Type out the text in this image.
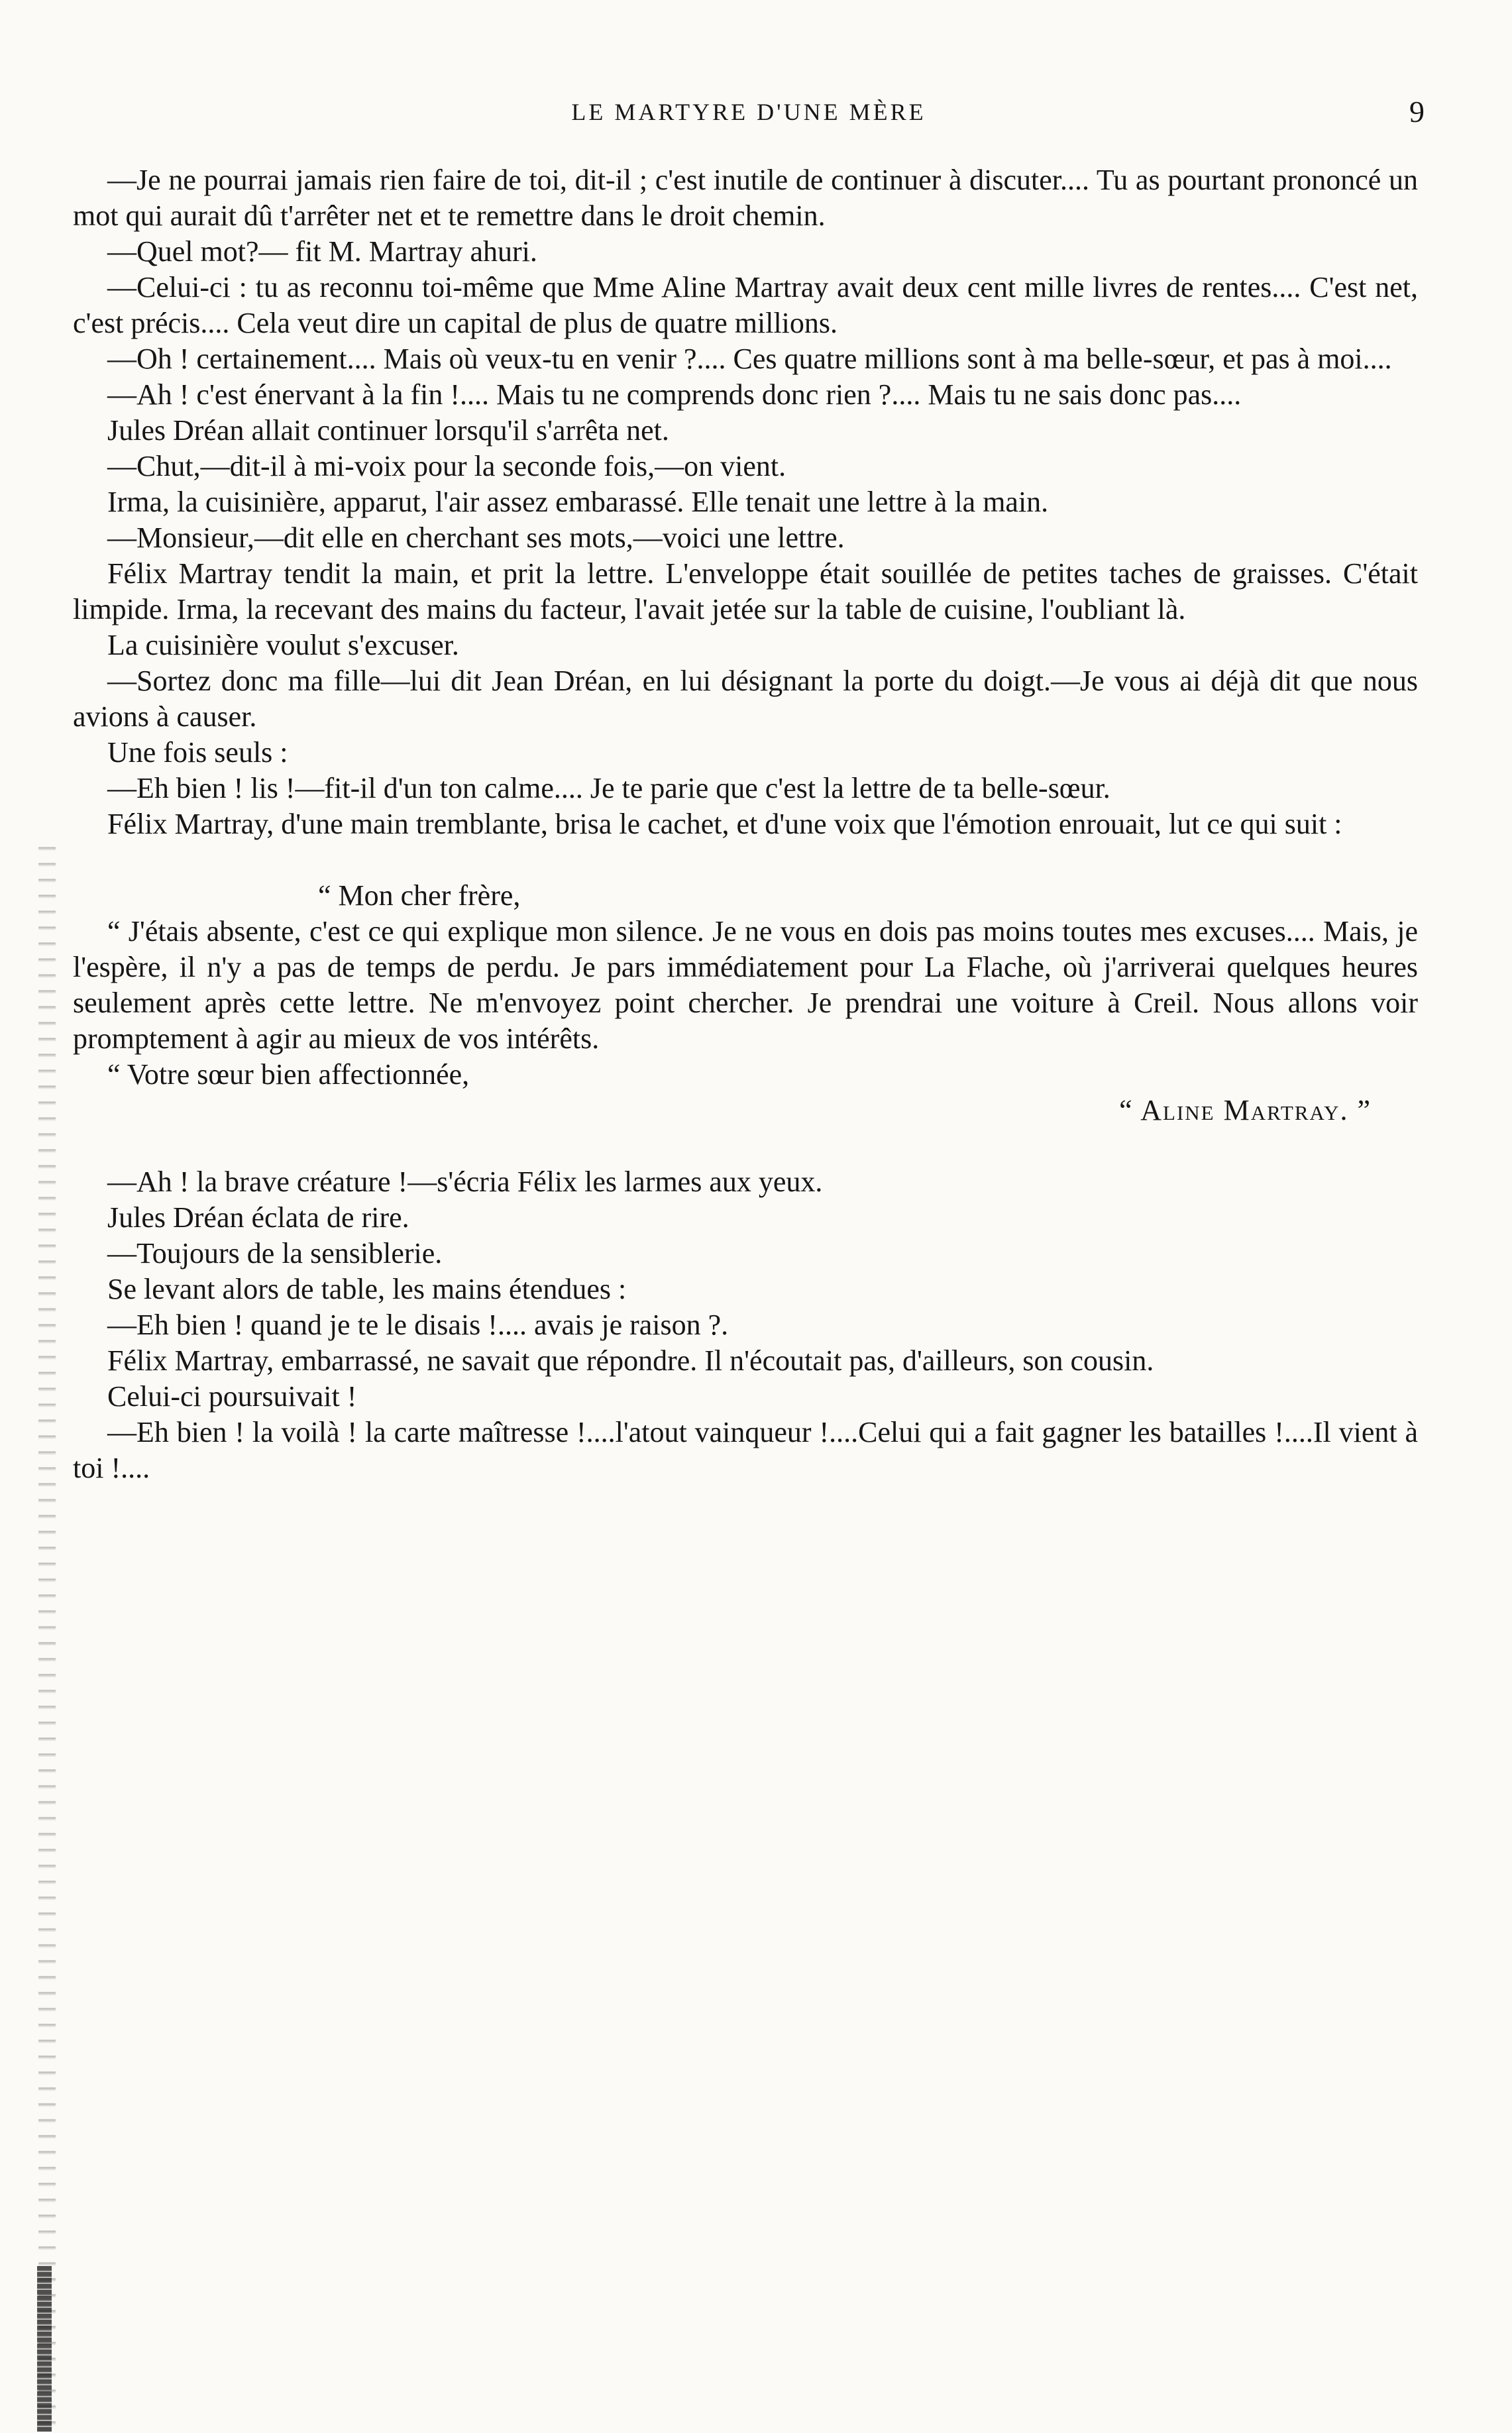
LE MARTYRE D'UNE MÈRE	9

—Je ne pourrai jamais rien faire de toi, dit-il ; c'est inutile de continuer à discuter.... Tu as pourtant prononcé un mot qui aurait dû t'arrêter net et te remettre dans le droit chemin.

—Quel mot?— fit M. Martray ahuri.

—Celui-ci : tu as reconnu toi-même que Mme Aline Martray avait deux cent mille livres de rentes.... C'est net, c'est précis.... Cela veut dire un capital de plus de quatre millions.

—Oh ! certainement.... Mais où veux-tu en venir ?.... Ces quatre millions sont à ma belle-sœur, et pas à moi....

—Ah ! c'est énervant à la fin !.... Mais tu ne comprends donc rien ?.... Mais tu ne sais donc pas....

Jules Dréan allait continuer lorsqu'il s'arrêta net.

—Chut,—dit-il à mi-voix pour la seconde fois,—on vient.

Irma, la cuisinière, apparut, l'air assez embarassé. Elle tenait une lettre à la main.

—Monsieur,—dit elle en cherchant ses mots,—voici une lettre.

Félix Martray tendit la main, et prit la lettre. L'enveloppe était souillée de petites taches de graisses. C'était limpide. Irma, la recevant des mains du facteur, l'avait jetée sur la table de cuisine, l'oubliant là.

La cuisinière voulut s'excuser.

—Sortez donc ma fille—lui dit Jean Dréan, en lui désignant la porte du doigt.—Je vous ai déjà dit que nous avions à causer.

Une fois seuls :

—Eh bien ! lis !—fit-il d'un ton calme.... Je te parie que c'est la lettre de ta belle-sœur.

Félix Martray, d'une main tremblante, brisa le cachet, et d'une voix que l'émotion enrouait, lut ce qui suit :

“ Mon cher frère,

“ J'étais absente, c'est ce qui explique mon silence. Je ne vous en dois pas moins toutes mes excuses.... Mais, je l'espère, il n'y a pas de temps de perdu. Je pars immédiatement pour La Flache, où j'arriverai quelques heures seulement après cette lettre. Ne m'envoyez point chercher. Je prendrai une voiture à Creil. Nous allons voir promptement à agir au mieux de vos intérêts.

“ Votre sœur bien affectionnée,

“ Aline Martray. ”

—Ah ! la brave créature !—s'écria Félix les larmes aux yeux.

Jules Dréan éclata de rire.

—Toujours de la sensiblerie.

Se levant alors de table, les mains étendues :

—Eh bien ! quand je te le disais !.... avais je raison ?.

Félix Martray, embarrassé, ne savait que répondre. Il n'écoutait pas, d'ailleurs, son cousin.

Celui-ci poursuivait !

—Eh bien ! la voilà ! la carte maîtresse !....l'atout vainqueur !....Celui qui a fait gagner les batailles !....Il vient à toi !....
